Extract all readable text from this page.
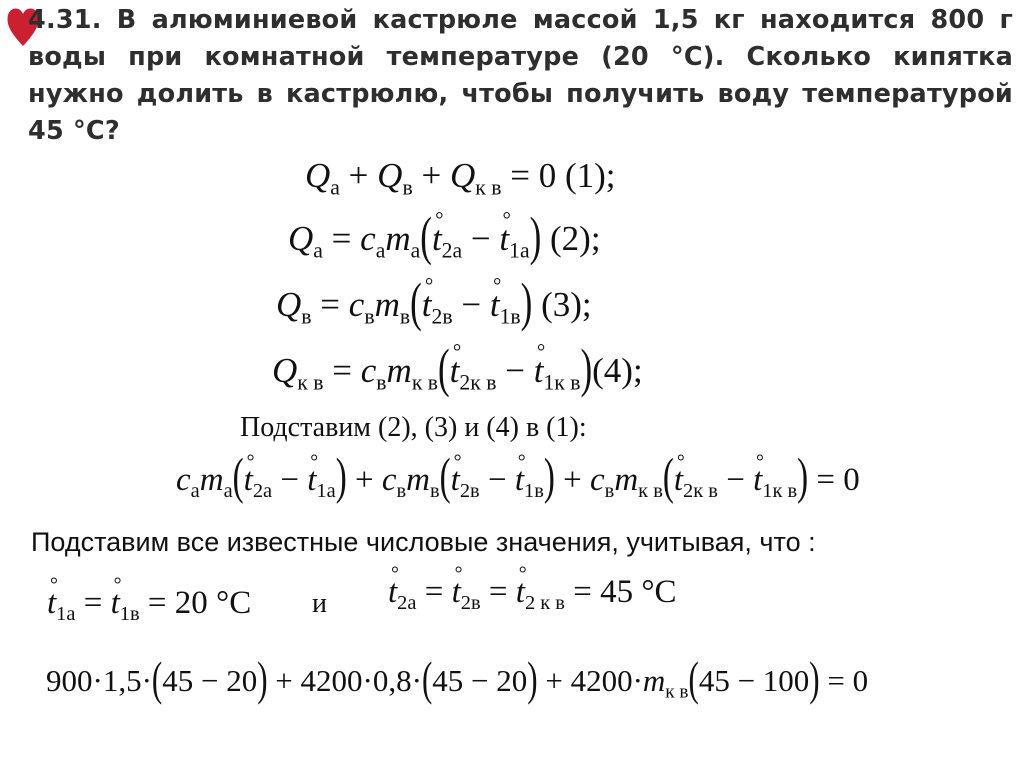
4.31. В алюминиевой кастрюле массой 1,5 кг находится 800 г воды при комнатной температуре (20 °С). Сколько кипятка нужно долить в кастрюлю, чтобы получить воду температурой 45 °С?
$Q_а + Q_в + Q_{к в} = 0$ (1);
$Q_а = c_аm_а(^\circ$ $t_{2а}$ − ° $t_{1а}$) (2);
$Q_в = c_вm_в(^\circ$ $t_{2в}$ − ° $t_{1в}$) (3);
$Q_{к в} = c_вm_{к в}(^\circ$ $t_{2к в}$ − ° $t_{1к в})(4)$;
Подставим (2), (3) и (4) в (1):
$c_аm_а(^\circ$ $t_{2а}$ − ° $t_{1а}) + c_вm_в(^\circ$ $t_{2в}$ − ° $t_{1в}) + c_вm_{к в}(^\circ$ $t_{2к в}$ − ° $t_{1к в}) = 0$
Подставим все известные числовые значения, учитывая, что :
° $t_{1а}$ = ° $t_{1в} = 20$ °C и
° $t_{2а}$ = ° $t_{2в}$ = ° $t_{2 к в} = 45$ °C
$900\cdot 1,5\cdot(45 - 20) + 4200\cdot 0,8\cdot(45 - 20) + 4200\cdot m_{к в}(45 - 100) = 0$
